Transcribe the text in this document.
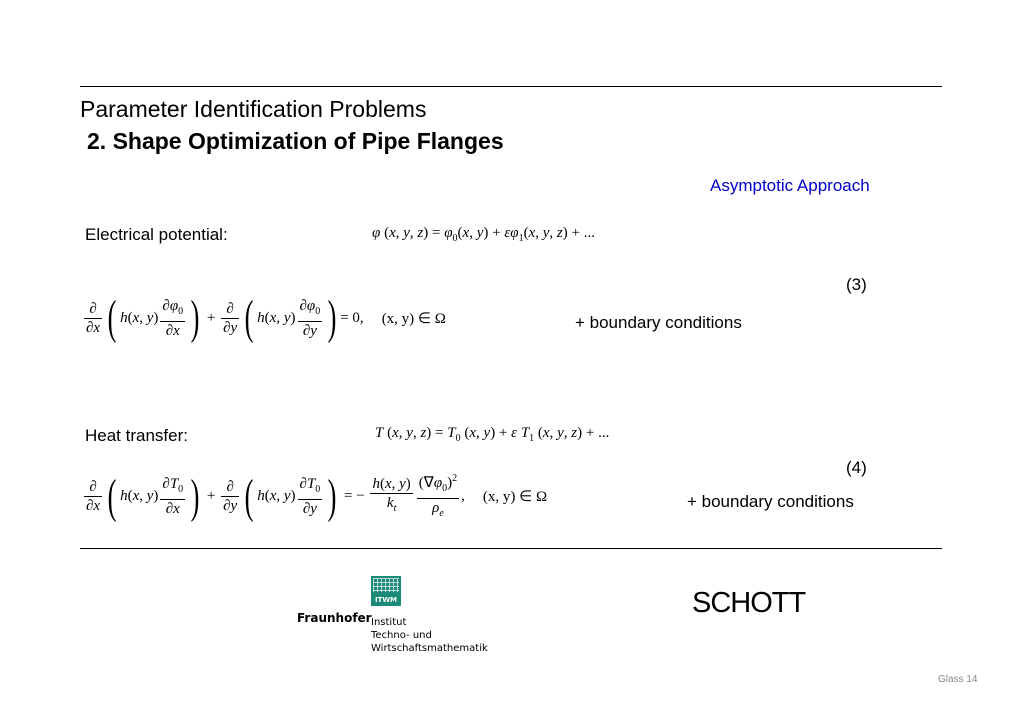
Parameter Identification Problems
2. Shape Optimization of Pipe Flanges
Asymptotic Approach
Electrical potential:	φ (x, y, $z) = \varphi_0(x$, $y) + \varepsilon\varphi_1(x$, y, z) + ...
(3)
$\frac{\partial}{\partial x}$ ( h(x, $y) \frac{\partial\varphi_0}{\partial x}$ ) + $\frac{\partial}{\partial y}$ ( h(x, $y) \frac{\partial\varphi_0}{\partial y}$ ) = 0, (x, y) ∈ Ω	+ boundary conditions
Heat transfer:	T (x, y, $z) = T_0$ (x, y) + ε $T_1$ (x, y, z) + ...
(4)
$\frac{\partial}{\partial x}$ ( h(x, $y) \frac{\partial T_0}{\partial x}$ ) + $\frac{\partial}{\partial y}$ ( h(x, $y) \frac{\partial T_0}{\partial y}$ ) = − $\frac{h(x, y)}{k_t} \frac{(\nabla\varphi_0)^2}{\rho_e}$ , (x, y) ∈ Ω	+ boundary conditions
ITWM
Fraunhofer Institut
Techno- und
Wirtschaftsmathematik
SCHOTT
Glass 14
